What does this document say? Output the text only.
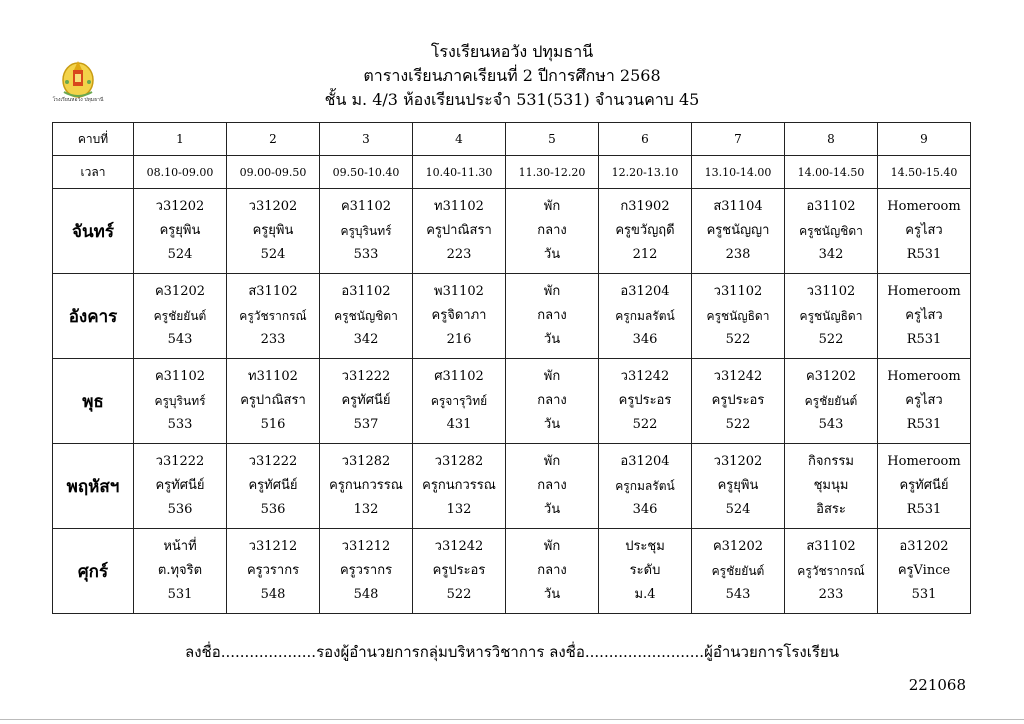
โรงเรียนหอวัง ปทุมธานี
โรงเรียนหอวัง ปทุมธานี
ตารางเรียนภาคเรียนที่ 2 ปีการศึกษา 2568
ชั้น ม. 4/3 ห้องเรียนประจำ 531(531) จำนวนคาบ 45
คาบที่	1	2	3	4	5	6	7	8	9
เวลา	08.10-09.00	09.00-09.50	09.50-10.40	10.40-11.30	11.30-12.20	12.20-13.10	13.10-14.00	14.00-14.50	14.50-15.40
จันทร์	ว31202
ครูยุพิน
524	ว31202
ครูยุพิน
524	ค31102
ครูบุรินทร์
533	ท31102
ครูปาณิสรา
223	พัก
กลาง
วัน	ก31902
ครูขวัญฤดี
212	ส31104
ครูชนัญญา
238	อ31102
ครูชนัญชิดา
342	Homeroom
ครูไสว
R531

อังคาร	ค31202
ครูชัยยันต์
543	ส31102
ครูวัชรากรณ์
233	อ31102
ครูชนัญชิดา
342	พ31102
ครูจิดาภา
216	พัก
กลาง
วัน	อ31204
ครูกมลรัตน์
346	ว31102
ครูชนัญธิดา
522	ว31102
ครูชนัญธิดา
522	Homeroom
ครูไสว
R531

พุธ	ค31102
ครูบุรินทร์
533	ท31102
ครูปาณิสรา
516	ว31222
ครูทัศนีย์
537	ศ31102
ครูจารุวิทย์
431	พัก
กลาง
วัน	ว31242
ครูประอร
522	ว31242
ครูประอร
522	ค31202
ครูชัยยันต์
543	Homeroom
ครูไสว
R531

พฤหัสฯ	ว31222
ครูทัศนีย์
536	ว31222
ครูทัศนีย์
536	ว31282
ครูกนกวรรณ
132	ว31282
ครูกนกวรรณ
132	พัก
กลาง
วัน	อ31204
ครูกมลรัตน์
346	ว31202
ครูยุพิน
524	กิจกรรม
ชุมนุม
อิสระ	Homeroom
ครูทัศนีย์
R531

ศุกร์	หน้าที่
ต.ทุจริต
531	ว31212
ครูวรากร
548	ว31212
ครูวรากร
548	ว31242
ครูประอร
522	พัก
กลาง
วัน	ประชุม
ระดับ
ม.4	ค31202
ครูชัยยันต์
543	ส31102
ครูวัชรากรณ์
233	อ31202
ครูVince
531
ลงชื่อ....................รองผู้อำนวยการกลุ่มบริหารวิชาการ ลงชื่อ.........................ผู้อำนวยการโรงเรียน
221068
